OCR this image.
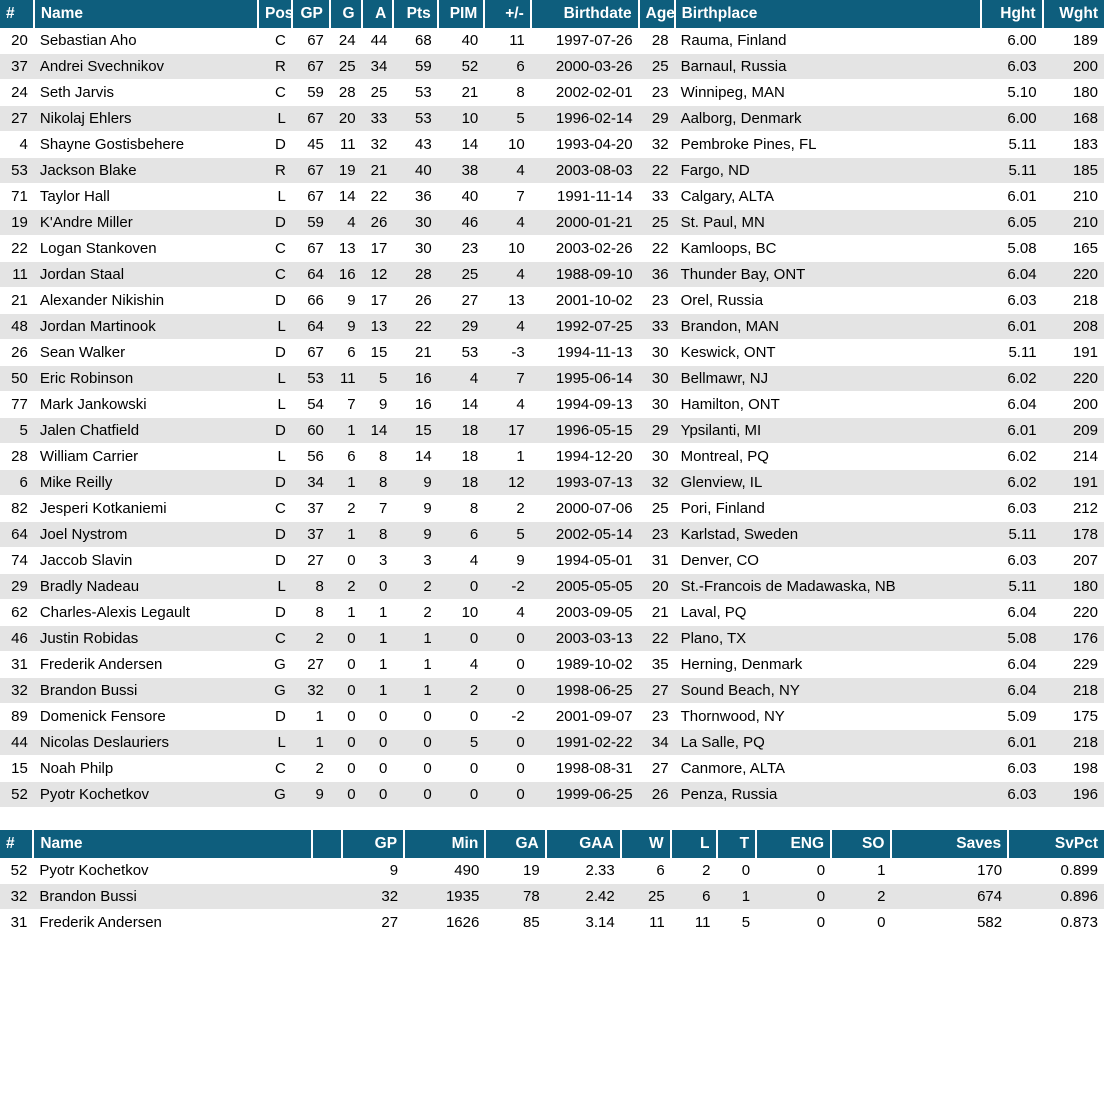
#	Name	Pos	GP	G	A	Pts	PIM	+/-	Birthdate	Age	Birthplace	Hght	Wght
20	Sebastian Aho	C	67	24	44	68	40	11	1997-07-26	28	Rauma, Finland	6.00	189
37	Andrei Svechnikov	R	67	25	34	59	52	6	2000-03-26	25	Barnaul, Russia	6.03	200
24	Seth Jarvis	C	59	28	25	53	21	8	2002-02-01	23	Winnipeg, MAN	5.10	180
27	Nikolaj Ehlers	L	67	20	33	53	10	5	1996-02-14	29	Aalborg, Denmark	6.00	168
4	Shayne Gostisbehere	D	45	11	32	43	14	10	1993-04-20	32	Pembroke Pines, FL	5.11	183
53	Jackson Blake	R	67	19	21	40	38	4	2003-08-03	22	Fargo, ND	5.11	185
71	Taylor Hall	L	67	14	22	36	40	7	1991-11-14	33	Calgary, ALTA	6.01	210
19	K'Andre Miller	D	59	4	26	30	46	4	2000-01-21	25	St. Paul, MN	6.05	210
22	Logan Stankoven	C	67	13	17	30	23	10	2003-02-26	22	Kamloops, BC	5.08	165
11	Jordan Staal	C	64	16	12	28	25	4	1988-09-10	36	Thunder Bay, ONT	6.04	220
21	Alexander Nikishin	D	66	9	17	26	27	13	2001-10-02	23	Orel, Russia	6.03	218
48	Jordan Martinook	L	64	9	13	22	29	4	1992-07-25	33	Brandon, MAN	6.01	208
26	Sean Walker	D	67	6	15	21	53	-3	1994-11-13	30	Keswick, ONT	5.11	191
50	Eric Robinson	L	53	11	5	16	4	7	1995-06-14	30	Bellmawr, NJ	6.02	220
77	Mark Jankowski	L	54	7	9	16	14	4	1994-09-13	30	Hamilton, ONT	6.04	200
5	Jalen Chatfield	D	60	1	14	15	18	17	1996-05-15	29	Ypsilanti, MI	6.01	209
28	William Carrier	L	56	6	8	14	18	1	1994-12-20	30	Montreal, PQ	6.02	214
6	Mike Reilly	D	34	1	8	9	18	12	1993-07-13	32	Glenview, IL	6.02	191
82	Jesperi Kotkaniemi	C	37	2	7	9	8	2	2000-07-06	25	Pori, Finland	6.03	212
64	Joel Nystrom	D	37	1	8	9	6	5	2002-05-14	23	Karlstad, Sweden	5.11	178
74	Jaccob Slavin	D	27	0	3	3	4	9	1994-05-01	31	Denver, CO	6.03	207
29	Bradly Nadeau	L	8	2	0	2	0	-2	2005-05-05	20	St.-Francois de Madawaska, NB	5.11	180
62	Charles-Alexis Legault	D	8	1	1	2	10	4	2003-09-05	21	Laval, PQ	6.04	220
46	Justin Robidas	C	2	0	1	1	0	0	2003-03-13	22	Plano, TX	5.08	176
31	Frederik Andersen	G	27	0	1	1	4	0	1989-10-02	35	Herning, Denmark	6.04	229
32	Brandon Bussi	G	32	0	1	1	2	0	1998-06-25	27	Sound Beach, NY	6.04	218
89	Domenick Fensore	D	1	0	0	0	0	-2	2001-09-07	23	Thornwood, NY	5.09	175
44	Nicolas Deslauriers	L	1	0	0	0	5	0	1991-02-22	34	La Salle, PQ	6.01	218
15	Noah Philp	C	2	0	0	0	0	0	1998-08-31	27	Canmore, ALTA	6.03	198
52	Pyotr Kochetkov	G	9	0	0	0	0	0	1999-06-25	26	Penza, Russia	6.03	196
#	Name		GP	Min	GA	GAA	W	L	T	ENG	SO	Saves	SvPct
52	Pyotr Kochetkov		9	490	19	2.33	6	2	0	0	1	170	0.899
32	Brandon Bussi		32	1935	78	2.42	25	6	1	0	2	674	0.896
31	Frederik Andersen		27	1626	85	3.14	11	11	5	0	0	582	0.873
